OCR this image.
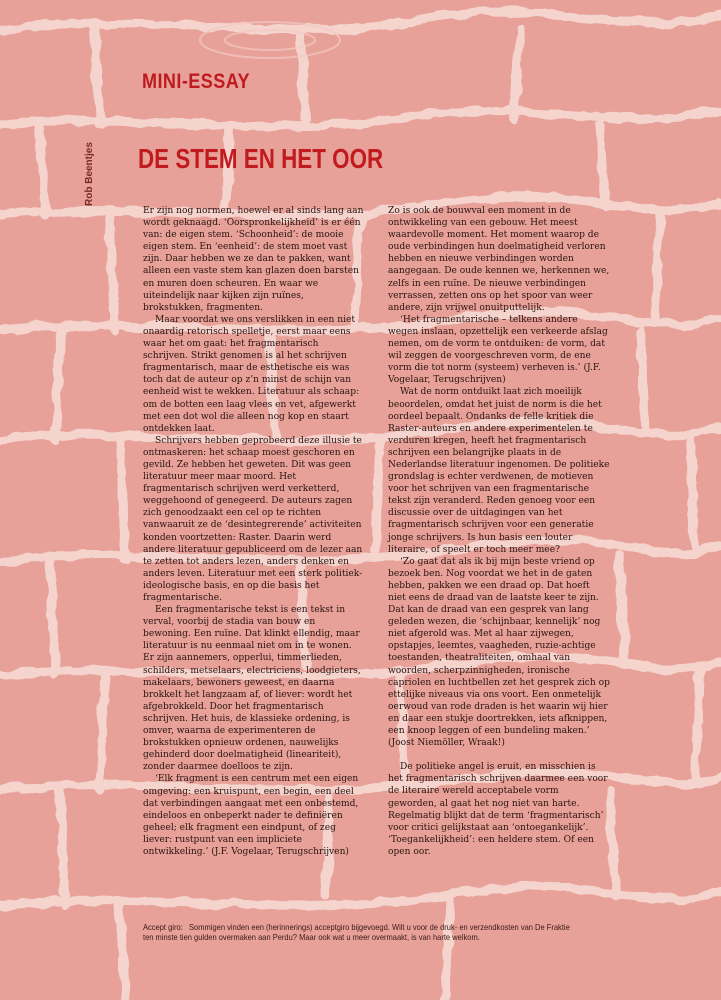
MINI-ESSAY
Rob Beentjes DE STEM EN HET OOR

Er zijn nog normen, hoewel er al sinds lang aan wordt geknaagd. ‘Oorspronkelijkheid’ is er één van: de eigen stem. ‘Schoonheid’: de mooie eigen stem. En ‘eenheid’: de stem moet vast zijn. Daar hebben we ze dan te pakken, want alleen een vaste stem kan glazen doen barsten en muren doen scheuren. En waar we uiteindelijk naar kijken zijn ruïnes, brokstukken, fragmenten.

Maar voordat we ons verslikken in een niet onaardig retorisch spelletje, eerst maar eens waar het om gaat: het fragmentarisch schrijven. Strikt genomen is al het schrijven fragmentarisch, maar de esthetische eis was toch dat de auteur op z’n minst de schijn van eenheid wist te wekken. Literatuur als schaap: om de botten een laag vlees en vet, afgewerkt met een dot wol die alleen nog kop en staart ontdekken laat.

Schrijvers hebben geprobeerd deze illusie te ontmaskeren: het schaap moest geschoren en gevild. Ze hebben het geweten. Dit was geen literatuur meer maar moord. Het fragmentarisch schrijven werd verketterd, weggehoond of genegeerd. De auteurs zagen zich genoodzaakt een cel op te richten vanwaaruit ze de ‘desintegrerende’ activiteiten konden voortzetten: Raster. Daarin werd andere literatuur gepubliceerd om de lezer aan te zetten tot anders lezen, anders denken en anders leven. Literatuur met een sterk politiek-ideologische basis, en op die basis het fragmentarische.

Een fragmentarische tekst is een tekst in verval, voorbij de stadia van bouw en bewoning. Een ruïne. Dat klinkt ellendig, maar literatuur is nu eenmaal niet om in te wonen. Er zijn aannemers, opperlui, timmerlieden, schilders, metselaars, electriciens, loodgieters, makelaars, bewoners geweest, en daarna brokkelt het langzaam af, of liever: wordt het afgebrokkeld. Door het fragmentarisch schrijven. Het huis, de klassieke ordening, is omver, waarna de experimenteren de brokstukken opnieuw ordenen, nauwelijks gehinderd door doelmatigheid (lineariteit), zonder daarmee doelloos te zijn.

‘Elk fragment is een centrum met een eigen omgeving: een kruispunt, een begin, een deel dat verbindingen aangaat met een onbestemd, eindeloos en onbeperkt nader te definiëren geheel; elk fragment een eindpunt, of zeg liever: rustpunt van een impliciete ontwikkeling.’ (J.F. Vogelaar, Terugschrijven)

Zo is ook de bouwval een moment in de ontwikkeling van een gebouw. Het meest waardevolle moment. Het moment waarop de oude verbindingen hun doelmatigheid verloren hebben en nieuwe verbindingen worden aangegaan. De oude kennen we, herkennen we, zelfs in een ruïne. De nieuwe verbindingen verrassen, zetten ons op het spoor van weer andere, zijn vrijwel onuitputtelijk.

‘Het fragmentarische – telkens andere wegen inslaan, opzettelijk een verkeerde afslag nemen, om de vorm te ontduiken: de vorm, dat wil zeggen de voorgeschreven vorm, de ene vorm die tot norm (systeem) verheven is.’ (J.F. Vogelaar, Terugschrijven)

Wat de norm ontduikt laat zich moeilijk beoordelen, omdat het juist de norm is die het oordeel bepaalt. Ondanks de felle kritiek die Raster-auteurs en andere experimentelen te verduren kregen, heeft het fragmentarisch schrijven een belangrijke plaats in de Nederlandse literatuur ingenomen. De politieke grondslag is echter verdwenen, de motieven voor het schrijven van een fragmentarische tekst zijn veranderd. Reden genoeg voor een discussie over de uitdagingen van het fragmentarisch schrijven voor een generatie jonge schrijvers. Is hun basis een louter literaire, of speelt er toch meer mee?

‘Zo gaat dat als ik bij mijn beste vriend op bezoek ben. Nog voordat we het in de gaten hebben, pakken we een draad op. Dat hoeft niet eens de draad van de laatste keer te zijn. Dat kan de draad van een gesprek van lang geleden wezen, die ‘schijnbaar, kennelijk’ nog niet afgerold was. Met al haar zijwegen, opstapjes, leemtes, vaagheden, ruzie-achtige toestanden, theatraliteiten, omhaal van woorden, scherpzinnigheden, ironische capriolen en luchtbellen zet het gesprek zich op ettelijke niveaus via ons voort. Een onmetelijk oerwoud van rode draden is het waarin wij hier en daar een stukje doortrekken, iets afknippen, een knoop leggen of een bundeling maken.’ (Joost Niemöller, Wraak!)

De politieke angel is eruit, en misschien is het fragmentarisch schrijven daarmee een voor de literaire wereld acceptabele vorm geworden, al gaat het nog niet van harte. Regelmatig blijkt dat de term ‘fragmentarisch’ voor critici gelijkstaat aan ‘ontoegankelijk’. ‘Toegankelijkheid’: een heldere stem. Of een open oor.

Accept giro: Sommigen vinden een (herinnerings) acceptgiro bijgevoegd. Wilt u voor de druk- en verzendkosten van De Fraktie ten minste tien gulden overmaken aan Perdu? Maar ook wat u meer overmaakt, is van harte welkom.
